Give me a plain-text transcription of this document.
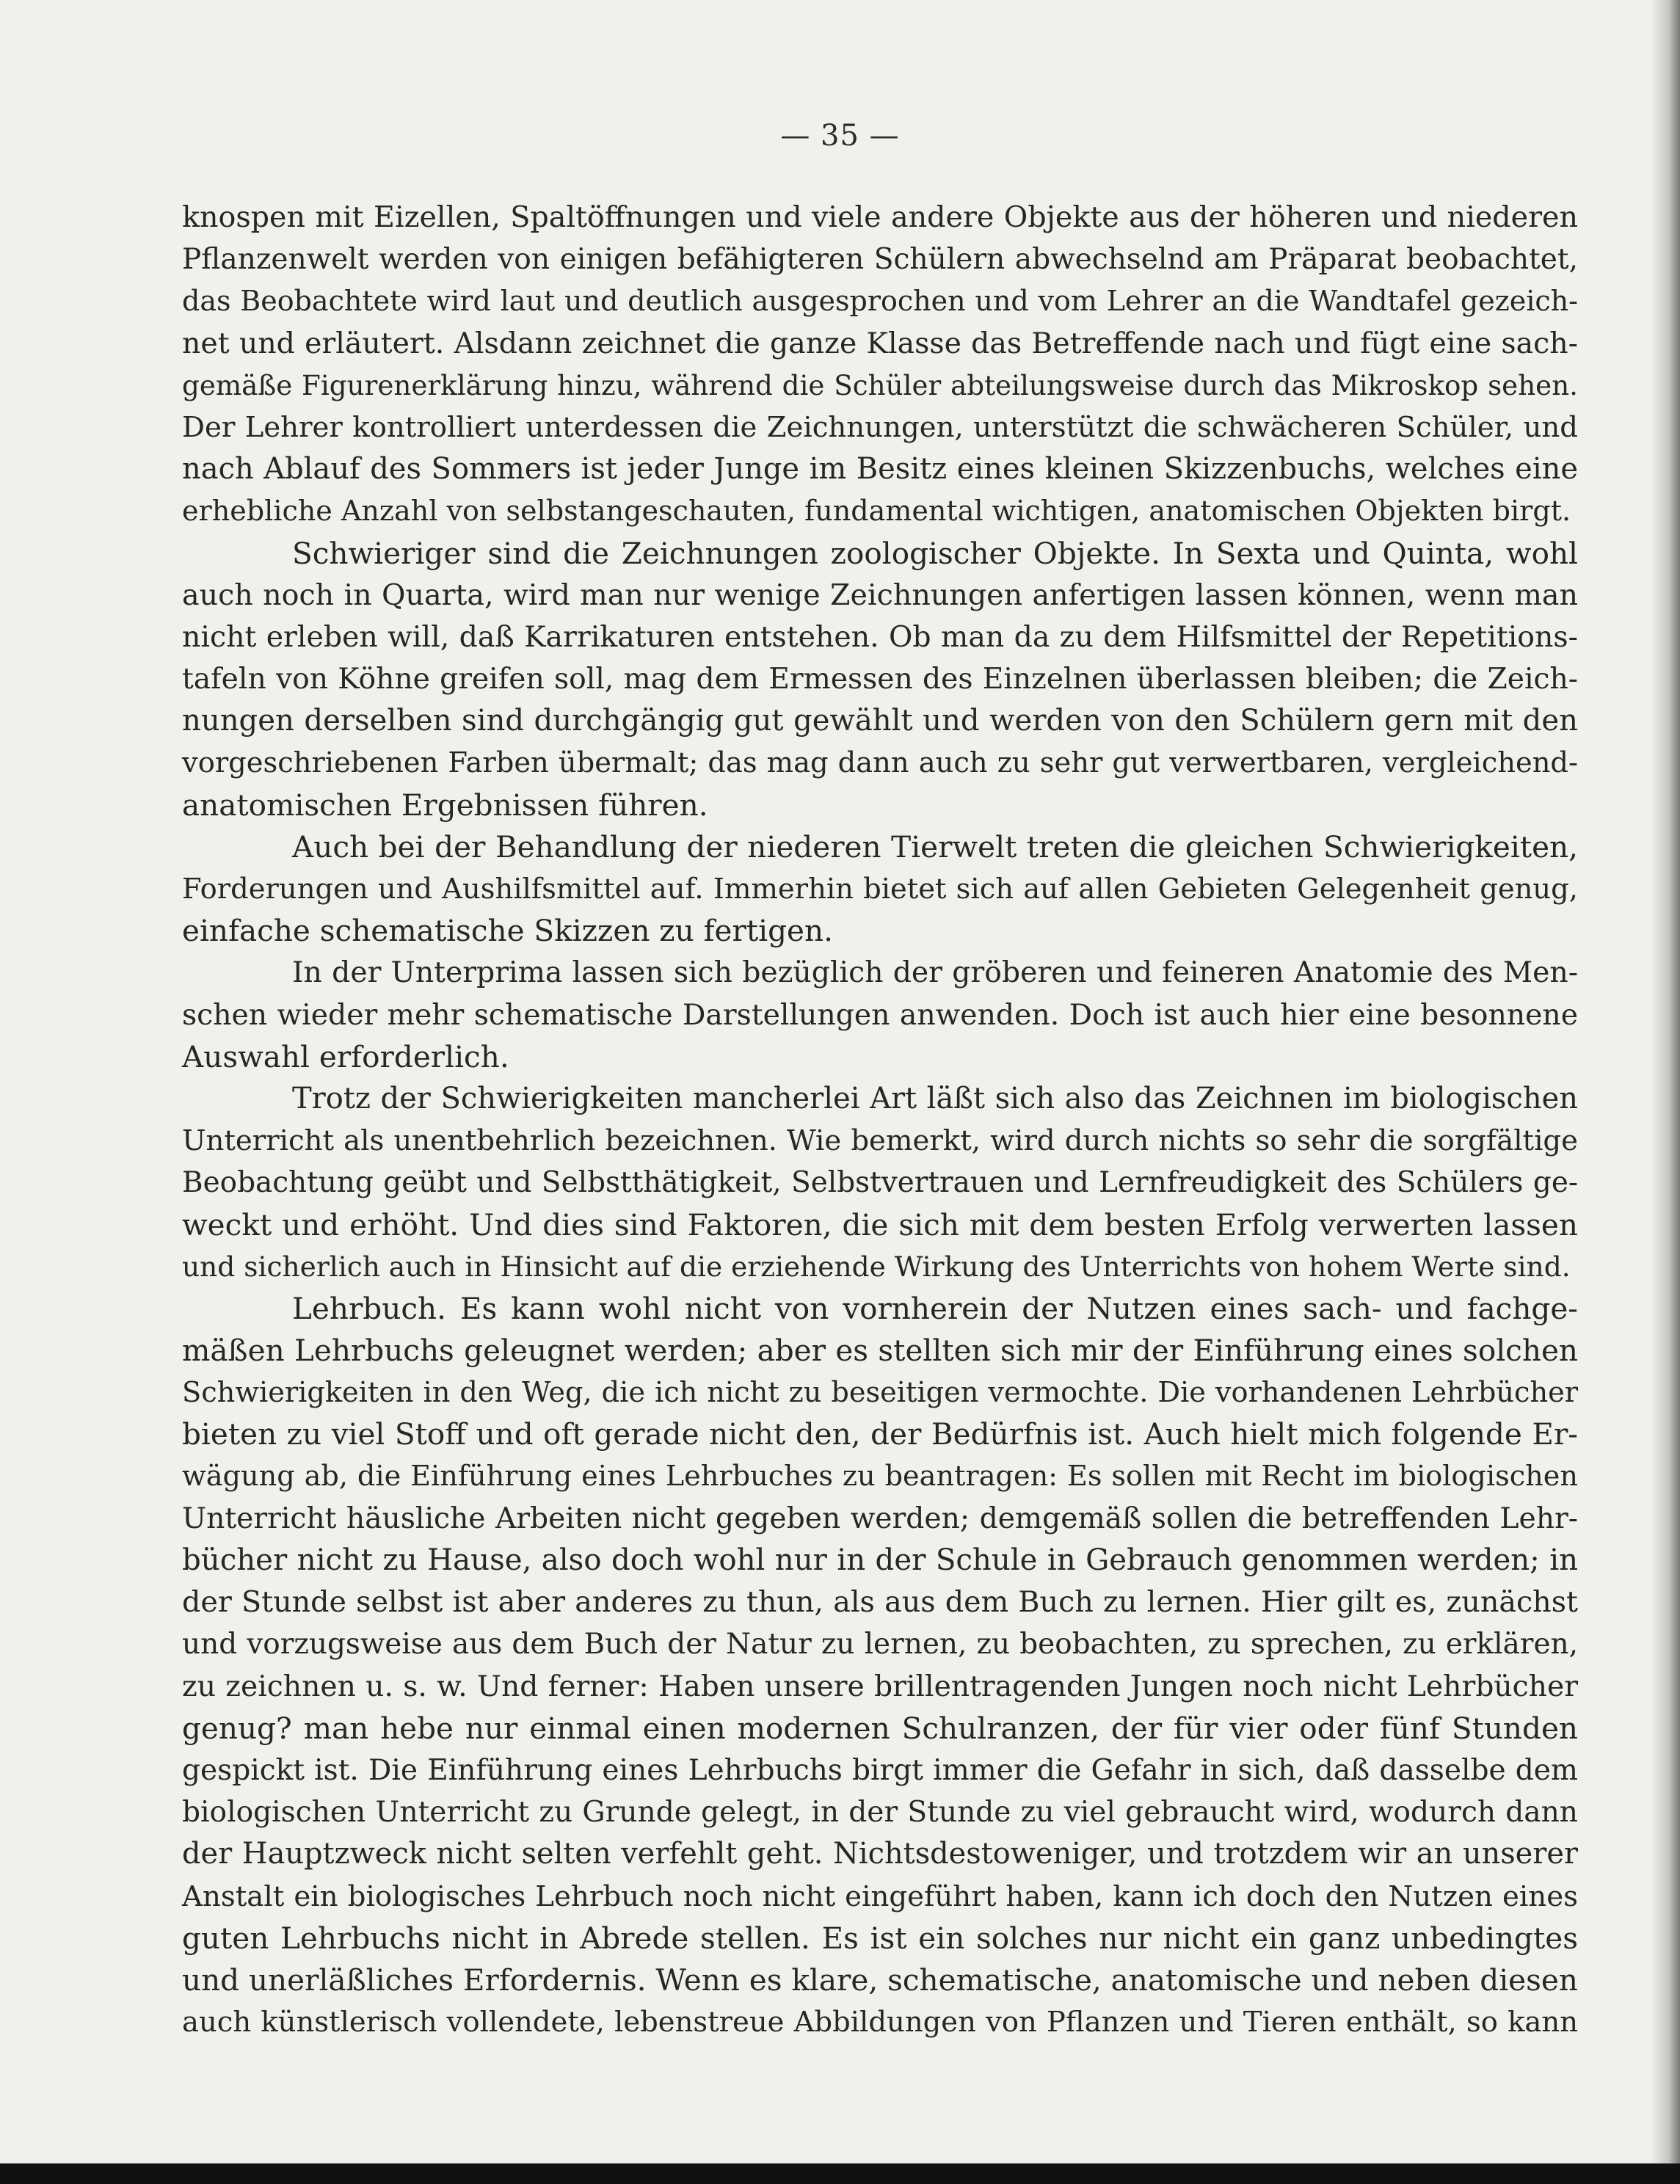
— 35 —
knospen mit Eizellen, Spaltöffnungen und viele andere Objekte aus der höheren und niederen
Pflanzenwelt werden von einigen befähigteren Schülern abwechselnd am Präparat beobachtet,
das Beobachtete wird laut und deutlich ausgesprochen und vom Lehrer an die Wandtafel gezeich-
net und erläutert. Alsdann zeichnet die ganze Klasse das Betreffende nach und fügt eine sach-
gemäße Figurenerklärung hinzu, während die Schüler abteilungsweise durch das Mikroskop sehen.
Der Lehrer kontrolliert unterdessen die Zeichnungen, unterstützt die schwächeren Schüler, und
nach Ablauf des Sommers ist jeder Junge im Besitz eines kleinen Skizzenbuchs, welches eine
erhebliche Anzahl von selbstangeschauten, fundamental wichtigen, anatomischen Objekten birgt.
Schwieriger sind die Zeichnungen zoologischer Objekte. In Sexta und Quinta, wohl
auch noch in Quarta, wird man nur wenige Zeichnungen anfertigen lassen können, wenn man
nicht erleben will, daß Karrikaturen entstehen. Ob man da zu dem Hilfsmittel der Repetitions-
tafeln von Köhne greifen soll, mag dem Ermessen des Einzelnen überlassen bleiben; die Zeich-
nungen derselben sind durchgängig gut gewählt und werden von den Schülern gern mit den
vorgeschriebenen Farben übermalt; das mag dann auch zu sehr gut verwertbaren, vergleichend-
anatomischen Ergebnissen führen.
Auch bei der Behandlung der niederen Tierwelt treten die gleichen Schwierigkeiten,
Forderungen und Aushilfsmittel auf. Immerhin bietet sich auf allen Gebieten Gelegenheit genug,
einfache schematische Skizzen zu fertigen.
In der Unterprima lassen sich bezüglich der gröberen und feineren Anatomie des Men-
schen wieder mehr schematische Darstellungen anwenden. Doch ist auch hier eine besonnene
Auswahl erforderlich.
Trotz der Schwierigkeiten mancherlei Art läßt sich also das Zeichnen im biologischen
Unterricht als unentbehrlich bezeichnen. Wie bemerkt, wird durch nichts so sehr die sorgfältige
Beobachtung geübt und Selbstthätigkeit, Selbstvertrauen und Lernfreudigkeit des Schülers ge-
weckt und erhöht. Und dies sind Faktoren, die sich mit dem besten Erfolg verwerten lassen
und sicherlich auch in Hinsicht auf die erziehende Wirkung des Unterrichts von hohem Werte sind.
Lehrbuch. Es kann wohl nicht von vornherein der Nutzen eines sach- und fachge-
mäßen Lehrbuchs geleugnet werden; aber es stellten sich mir der Einführung eines solchen
Schwierigkeiten in den Weg, die ich nicht zu beseitigen vermochte. Die vorhandenen Lehrbücher
bieten zu viel Stoff und oft gerade nicht den, der Bedürfnis ist. Auch hielt mich folgende Er-
wägung ab, die Einführung eines Lehrbuches zu beantragen: Es sollen mit Recht im biologischen
Unterricht häusliche Arbeiten nicht gegeben werden; demgemäß sollen die betreffenden Lehr-
bücher nicht zu Hause, also doch wohl nur in der Schule in Gebrauch genommen werden; in
der Stunde selbst ist aber anderes zu thun, als aus dem Buch zu lernen. Hier gilt es, zunächst
und vorzugsweise aus dem Buch der Natur zu lernen, zu beobachten, zu sprechen, zu erklären,
zu zeichnen u. s. w. Und ferner: Haben unsere brillentragenden Jungen noch nicht Lehrbücher
genug? man hebe nur einmal einen modernen Schulranzen, der für vier oder fünf Stunden
gespickt ist. Die Einführung eines Lehrbuchs birgt immer die Gefahr in sich, daß dasselbe dem
biologischen Unterricht zu Grunde gelegt, in der Stunde zu viel gebraucht wird, wodurch dann
der Hauptzweck nicht selten verfehlt geht. Nichtsdestoweniger, und trotzdem wir an unserer
Anstalt ein biologisches Lehrbuch noch nicht eingeführt haben, kann ich doch den Nutzen eines
guten Lehrbuchs nicht in Abrede stellen. Es ist ein solches nur nicht ein ganz unbedingtes
und unerläßliches Erfordernis. Wenn es klare, schematische, anatomische und neben diesen
auch künstlerisch vollendete, lebenstreue Abbildungen von Pflanzen und Tieren enthält, so kann
